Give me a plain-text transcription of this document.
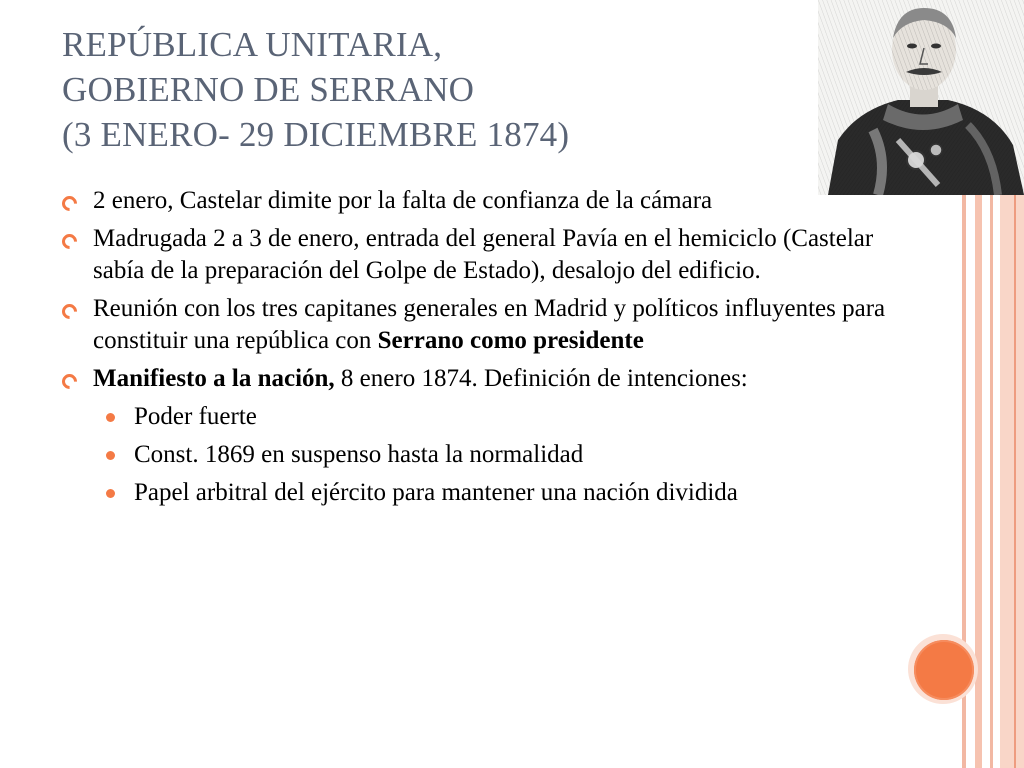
REPÚBLICA UNITARIA,
GOBIERNO DE SERRANO
(3 ENERO- 29 DICIEMBRE 1874)
2 enero, Castelar dimite por la falta de confianza de la cámara
Madrugada 2 a 3 de enero, entrada del general Pavía en el hemiciclo (Castelar sabía de la preparación del Golpe de Estado), desalojo del edificio.
Reunión con los tres capitanes generales en Madrid y políticos influyentes para constituir una república con Serrano como presidente
Manifiesto a la nación, 8 enero 1874. Definición de intenciones:
Poder fuerte
Const. 1869 en suspenso hasta la normalidad
Papel arbitral del ejército para mantener una nación dividida
